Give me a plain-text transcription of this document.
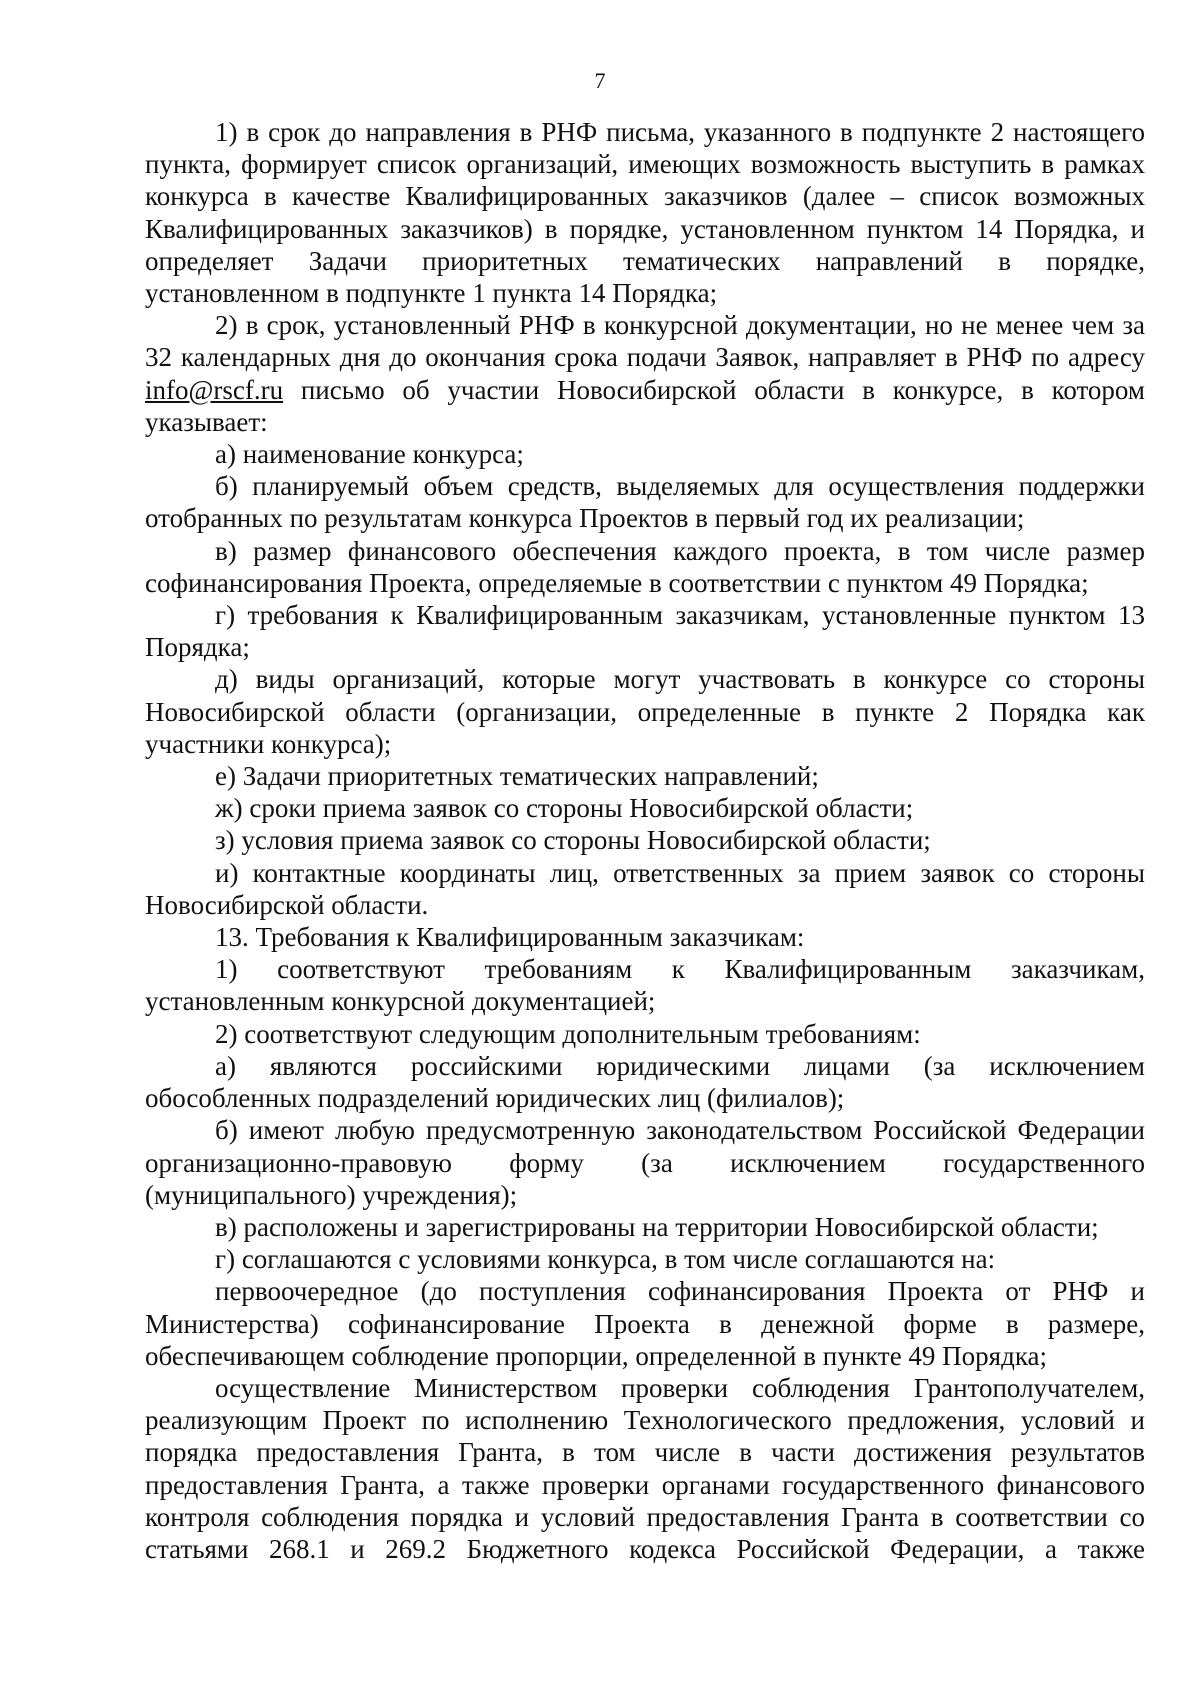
7

1) в срок до направления в РНФ письма, указанного в подпункте 2 настоящего пункта, формирует список организаций, имеющих возможность выступить в рамках конкурса в качестве Квалифицированных заказчиков (далее – список возможных Квалифицированных заказчиков) в порядке, установленном пунктом 14 Порядка, и определяет Задачи приоритетных тематических направлений в порядке, установленном в подпункте 1 пункта 14 Порядка;

2) в срок, установленный РНФ в конкурсной документации, но не менее чем за 32 календарных дня до окончания срока подачи Заявок, направляет в РНФ по адресу info@rscf.ru письмо об участии Новосибирской области в конкурсе, в котором указывает:

а) наименование конкурса;

б) планируемый объем средств, выделяемых для осуществления поддержки отобранных по результатам конкурса Проектов в первый год их реализации;

в) размер финансового обеспечения каждого проекта, в том числе размер софинансирования Проекта, определяемые в соответствии с пунктом 49 Порядка;

г) требования к Квалифицированным заказчикам, установленные пунктом 13 Порядка;

д) виды организаций, которые могут участвовать в конкурсе со стороны Новосибирской области (организации, определенные в пункте 2 Порядка как участники конкурса);

е) Задачи приоритетных тематических направлений;

ж) сроки приема заявок со стороны Новосибирской области;

з) условия приема заявок со стороны Новосибирской области;

и) контактные координаты лиц, ответственных за прием заявок со стороны Новосибирской области.

13. Требования к Квалифицированным заказчикам:

1) соответствуют требованиям к Квалифицированным заказчикам, установленным конкурсной документацией;

2) соответствуют следующим дополнительным требованиям:

а) являются российскими юридическими лицами (за исключением обособленных подразделений юридических лиц (филиалов);

б) имеют любую предусмотренную законодательством Российской Федерации организационно-правовую форму (за исключением государственного (муниципального) учреждения);

в) расположены и зарегистрированы на территории Новосибирской области;

г) соглашаются с условиями конкурса, в том числе соглашаются на:

первоочередное (до поступления софинансирования Проекта от РНФ и Министерства) софинансирование Проекта в денежной форме в размере, обеспечивающем соблюдение пропорции, определенной в пункте 49 Порядка;

осуществление Министерством проверки соблюдения Грантополучателем, реализующим Проект по исполнению Технологического предложения, условий и порядка предоставления Гранта, в том числе в части достижения результатов предоставления Гранта, а также проверки органами государственного финансового контроля соблюдения порядка и условий предоставления Гранта в соответствии со статьями 268.1 и 269.2 Бюджетного кодекса Российской Федерации, а также
